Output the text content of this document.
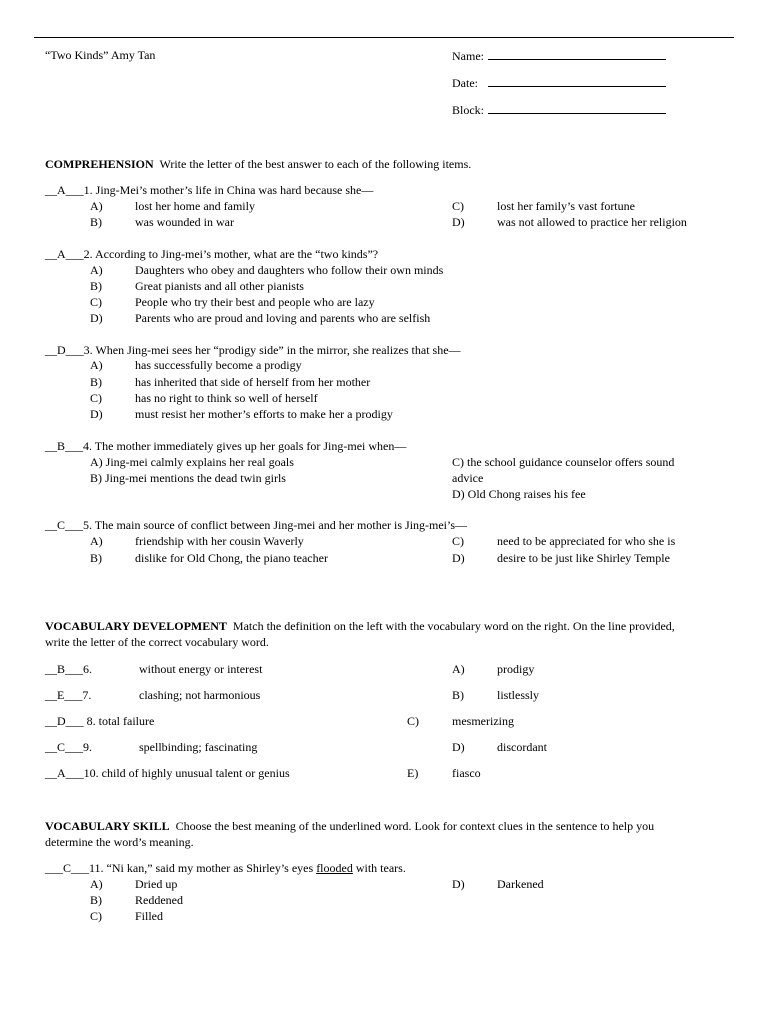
“Two Kinds” Amy Tan	Name:
Date:
Block:
COMPREHENSION Write the letter of the best answer to each of the following items.
__A___1. Jing-Mei’s mother’s life in China was hard because she—
A)	lost her home and family
B)	was wounded in war
C)	lost her family’s vast fortune
D)	was not allowed to practice her religion
__A___2. According to Jing-mei’s mother, what are the “two kinds”?
A)	Daughters who obey and daughters who follow their own minds
B)	Great pianists and all other pianists
C)	People who try their best and people who are lazy
D)	Parents who are proud and loving and parents who are selfish
__D___3. When Jing-mei sees her “prodigy side” in the mirror, she realizes that she—
A)	has successfully become a prodigy
B)	has inherited that side of herself from her mother
C)	has no right to think so well of herself
D)	must resist her mother’s efforts to make her a prodigy
__B___4. The mother immediately gives up her goals for Jing-mei when—
A) Jing-mei calmly explains her real goals
B) Jing-mei mentions the dead twin girls
C) the school guidance counselor offers sound
advice
D) Old Chong raises his fee
__C___5. The main source of conflict between Jing-mei and her mother is Jing-mei’s—
A)	friendship with her cousin Waverly
B)	dislike for Old Chong, the piano teacher
C)	need to be appreciated for who she is
D)	desire to be just like Shirley Temple
VOCABULARY DEVELOPMENT Match the definition on the left with the vocabulary word on the right. On the line provided,
write the letter of the correct vocabulary word.
__B___6.	without energy or interest	A)	prodigy
__E___7.	clashing; not harmonious	B)	listlessly
__D___ 8. total failure	C)	mesmerizing
__C___9.	spellbinding; fascinating	D)	discordant
__A___10. child of highly unusual talent or genius	E)	fiasco
VOCABULARY SKILL Choose the best meaning of the underlined word. Look for context clues in the sentence to help you
determine the word’s meaning.
___C___11. “Ni kan,” said my mother as Shirley’s eyes flooded with tears.
A)	Dried up
B)	Reddened
C)	Filled
D)	Darkened
